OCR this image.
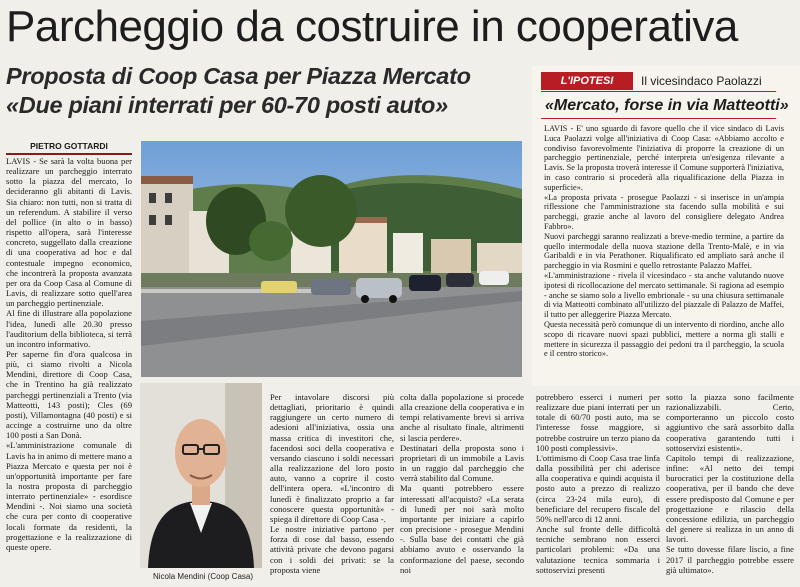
Parcheggio da costruire in cooperativa
Proposta di Coop Casa per Piazza Mercato
«Due piani interrati per 60-70 posti auto»
PIETRO GOTTARDI

LAVIS - Se sarà la volta buona per realizzare un parcheggio interrato sotto la piazza del mercato, lo decideranno gli abitanti di Lavis. Sia chiaro: non tutti, non si tratta di un referendum. A stabilire il verso del pollice (in alto o in basso) rispetto all'opera, sarà l'interesse concreto, suggellato dalla creazione di una cooperativa ad hoc e dal contestuale impegno economico, che incontrerà la proposta avanzata per ora da Coop Casa al Comune di Lavis, di realizzare sotto quell'area un parcheggio pertinenziale.

Al fine di illustrare alla popolazione l'idea, lunedì alle 20.30 presso l'auditorium della biblioteca, si terrà un incontro informativo.

Per saperne fin d'ora qualcosa in più, ci siamo rivolti a Nicola Mendini, direttore di Coop Casa, che in Trentino ha già realizzato parcheggi pertinenziali a Trento (via Matteotti, 143 posti); Cles (69 posti), Villamontagna (40 posti) e si accinge a costruirne uno da oltre 100 posti a San Donà.

«L'amministrazione comunale di Lavis ha in animo di mettere mano a Piazza Mercato e questa per noi è un'opportunità importante per fare la nostra proposta di parcheggio interrato pertinenziale» - esordisce Mendini -. Noi siamo una società che cura per conto di cooperative locali formate da residenti, la progettazione e la realizzazione di queste opere.

Nicola Mendini (Coop Casa)

Per intavolare discorsi più dettagliati, prioritario è quindi raggiungere un certo numero di adesioni all'iniziativa, ossia una massa critica di investitori che, facendosi soci della cooperativa e versando ciascuno i soldi necessari alla realizzazione del loro posto auto, vanno a coprire il costo dell'intera opera. «L'incontro di lunedì è finalizzato proprio a far conoscere questa opportunità» - spiega il direttore di Coop Casa -.

Le nostre iniziative partono per forza di cose dal basso, essendo attività private che devono pagarsi con i soldi dei privati: se la proposta viene

colta dalla popolazione si procede alla creazione della cooperativa e in tempi relativamente brevi si arriva anche al risultato finale, altrimenti si lascia perdere».

Destinatari della proposta sono i proprietari di un immobile a Lavis in un raggio dal parcheggio che verrà stabilito dal Comune.

Ma quanti potrebbero essere interessati all'acquisto? «La serata di lunedì per noi sarà molto importante per iniziare a capirlo con precisione - prosegue Mendini -. Sulla base dei contatti che già abbiamo avuto e osservando la conformazione del paese, secondo noi

potrebbero esserci i numeri per realizzare due piani interrati per un totale di 60/70 posti auto, ma se l'interesse fosse maggiore, si potrebbe costruire un terzo piano da 100 posti complessivi».

L'ottimismo di Coop Casa trae linfa dalla possibilità per chi aderisce alla cooperativa e quindi acquista il posto auto a prezzo di realizzo (circa 23-24 mila euro), di beneficiare del recupero fiscale del 50% nell'arco di 12 anni.

Anche sul fronte delle difficoltà tecniche sembrano non esserci particolari problemi: «Da una valutazione tecnica sommaria i sottoservizi presenti

sotto la piazza sono facilmente razionalizzabili. Certo, comporteranno un piccolo costo aggiuntivo che sarà assorbito dalla cooperativa garantendo tutti i sottoservizi esistenti».

Capitolo tempi di realizzazione, infine: «Al netto dei tempi burocratici per la costituzione della cooperativa, per il bando che deve essere predisposto dal Comune e per progettazione e rilascio della concessione edilizia, un parcheggio del genere si realizza in un anno di lavori.

Se tutto dovesse filare liscio, a fine 2017 il parcheggio potrebbe essere già ultimato».

L'IPOTESI	Il vicesindaco Paolazzi
«Mercato, forse in via Matteotti»

LAVIS - E' uno sguardo di favore quello che il vice sindaco di Lavis Luca Paolazzi volge all'iniziativa di Coop Casa: «Abbiamo accolto e condiviso favorevolmente l'iniziativa di proporre la creazione di un parcheggio pertinenziale, perché interpreta un'esigenza rilevante a Lavis. Se la proposta troverà interesse il Comune supporterà l'iniziativa, in caso contrario si procederà alla riqualificazione della Piazza in superficie».

«La proposta privata - prosegue Paolazzi - si inserisce in un'ampia riflessione che l'amministrazione sta facendo sulla mobilità e sui parcheggi, grazie anche al lavoro del consigliere delegato Andrea Fabbro».

Nuovi parcheggi saranno realizzati a breve-medio termine, a partire da quello intermodale della nuova stazione della Trento-Malè, e in via Garibaldi e in via Perathoner. Riqualificato ed ampliato sarà anche il parcheggio in via Rosmini e quello retrostante Palazzo Maffei.

«L'amministrazione - rivela il vicesindaco - sta anche valutando nuove ipotesi di ricollocazione del mercato settimanale. Si ragiona ad esempio - anche se siamo solo a livello embrionale - su una chiusura settimanale di via Matteotti combinato all'utilizzo del piazzale di Palazzo de Maffei, il tutto per alleggerire Piazza Mercato.

Questa necessità però comunque di un intervento di riordino, anche allo scopo di ricavare nuovi spazi pubblici, mettere a norma gli stalli e mettere in sicurezza il passaggio dei pedoni tra il parcheggio, la scuola e il centro storico».
